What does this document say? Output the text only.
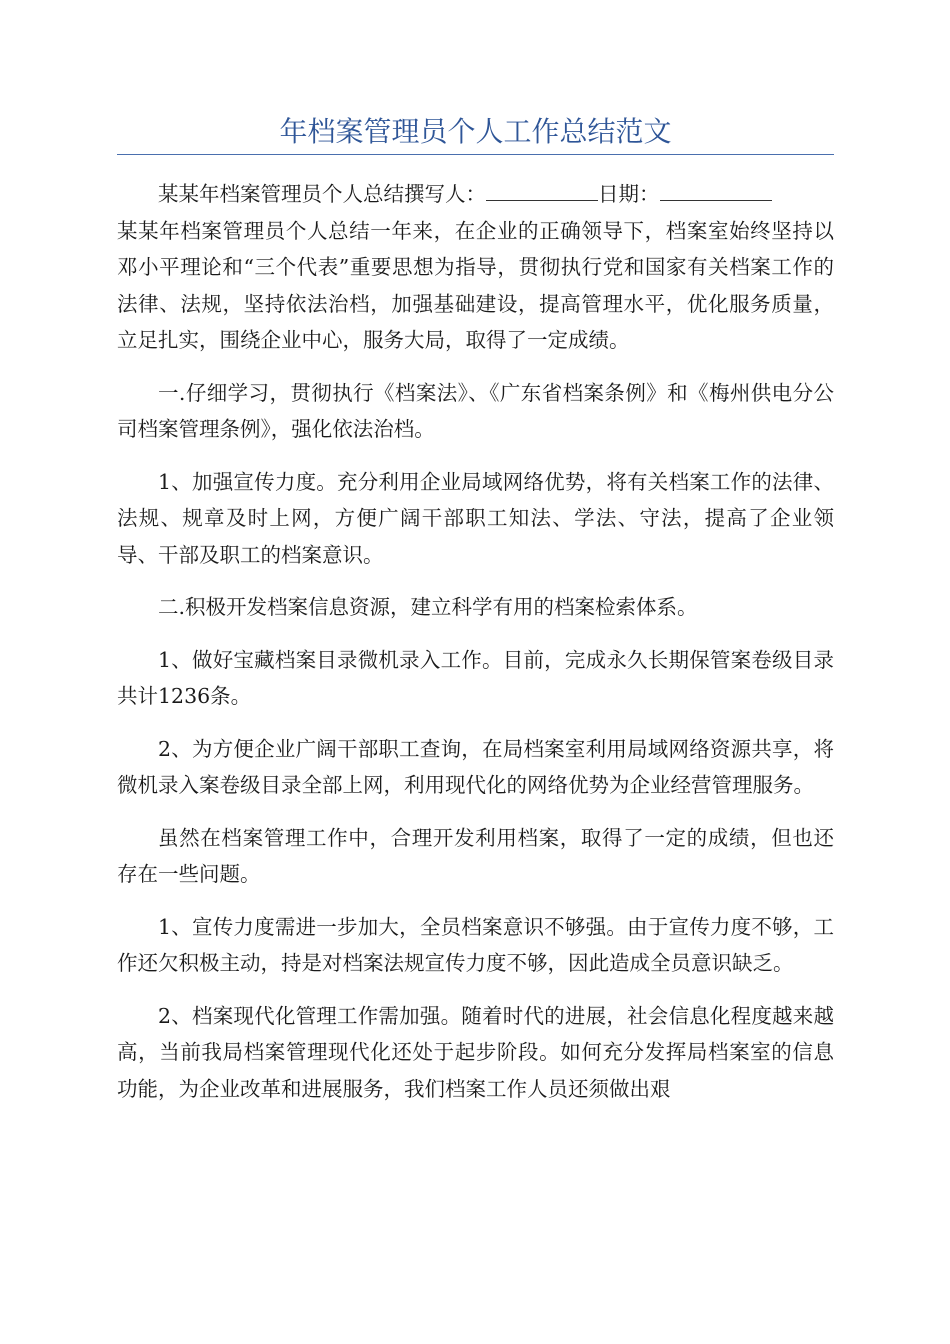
年档案管理员个人工作总结范文

某某年档案管理员个人总结撰写人：	日期：

某某年档案管理员个人总结一年来，在企业的正确领导下，档案室始终坚持以邓小平理论和“三个代表”重要思想为指导，贯彻执行党和国家有关档案工作的法律、法规，坚持依法治档，加强基础建设，提高管理水平，优化服务质量，立足扎实，围绕企业中心，服务大局，取得了一定成绩。

一.仔细学习，贯彻执行《档案法》、《广东省档案条例》和《梅州供电分公司档案管理条例》，强化依法治档。

1、加强宣传力度。充分利用企业局域网络优势，将有关档案工作的法律、法规、规章及时上网，方便广阔干部职工知法、学法、守法，提高了企业领导、干部及职工的档案意识。

二.积极开发档案信息资源，建立科学有用的档案检索体系。

1、做好宝藏档案目录微机录入工作。目前，完成永久长期保管案卷级目录共计1236条。

2、为方便企业广阔干部职工查询，在局档案室利用局域网络资源共享，将微机录入案卷级目录全部上网，利用现代化的网络优势为企业经营管理服务。

虽然在档案管理工作中，合理开发利用档案，取得了一定的成绩，但也还存在一些问题。

1、宣传力度需进一步加大，全员档案意识不够强。由于宣传力度不够，工作还欠积极主动，持是对档案法规宣传力度不够，因此造成全员意识缺乏。

2、档案现代化管理工作需加强。随着时代的进展，社会信息化程度越来越高，当前我局档案管理现代化还处于起步阶段。如何充分发挥局档案室的信息功能，为企业改革和进展服务，我们档案工作人员还须做出艰
